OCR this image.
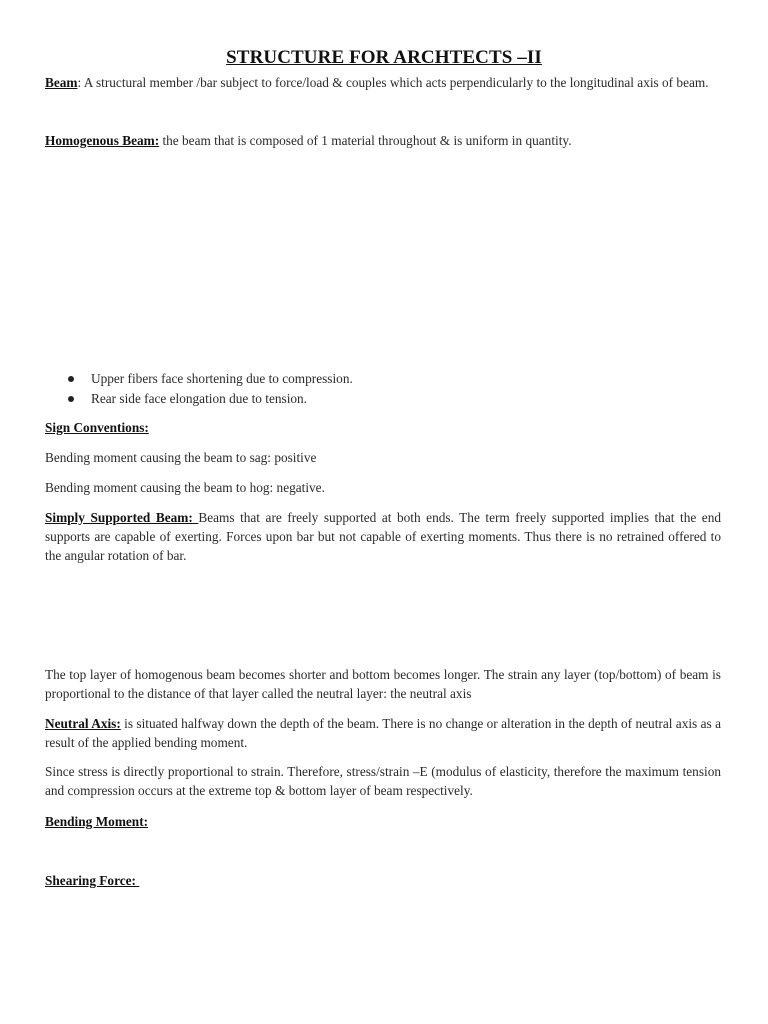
STRUCTURE FOR ARCHTECTS –II

Beam: A structural member /bar subject to force/load & couples which acts perpendicularly to the longitudinal axis of beam.

Homogenous Beam: the beam that is composed of 1 material throughout & is uniform in quantity.

Upper fibers face shortening due to compression.
Rear side face elongation due to tension.
Sign Conventions:

Bending moment causing the beam to sag: positive

Bending moment causing the beam to hog: negative.

Simply Supported Beam: Beams that are freely supported at both ends. The term freely supported implies that the end supports are capable of exerting. Forces upon bar but not capable of exerting moments. Thus there is no retrained offered to the angular rotation of bar.

The top layer of homogenous beam becomes shorter and bottom becomes longer. The strain any layer (top/bottom) of beam is proportional to the distance of that layer called the neutral layer: the neutral axis

Neutral Axis: is situated halfway down the depth of the beam. There is no change or alteration in the depth of neutral axis as a result of the applied bending moment.

Since stress is directly proportional to strain. Therefore, stress/strain –E (modulus of elasticity, therefore the maximum tension and compression occurs at the extreme top & bottom layer of beam respectively.

Bending Moment:
Shearing Force:
